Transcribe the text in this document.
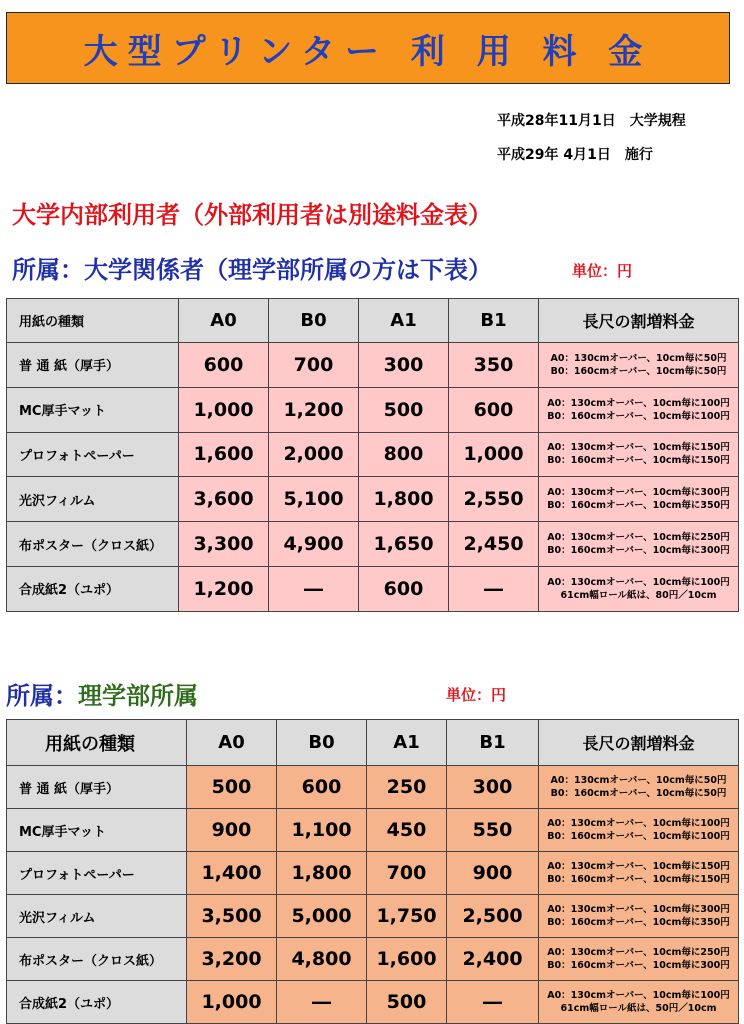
大型プリンター 利 用 料 金
平成28年11月1日　大学規程
平成29年 4月1日　施行
大学内部利用者（外部利用者は別途料金表）
所属：大学関係者（理学部所属の方は下表）	単位：円
用紙の種類	A0	B0	A1	B1	長尺の割増料金
普 通 紙（厚手）	600	700	300	350	A0：130cmオーバー、10cm毎に50円
B0：160cmオーバー、10cm毎に50円

MC厚手マット	1,000	1,200	500	600	A0：130cmオーバー、10cm毎に100円
B0：160cmオーバー、10cm毎に100円

プロフォトペーパー	1,600	2,000	800	1,000	A0：130cmオーバー、10cm毎に150円
B0：160cmオーバー、10cm毎に150円

光沢フィルム	3,600	5,100	1,800	2,550	A0：130cmオーバー、10cm毎に300円
B0：160cmオーバー、10cm毎に350円

布ポスター（クロス紙）	3,300	4,900	1,650	2,450	A0：130cmオーバー、10cm毎に250円
B0：160cmオーバー、10cm毎に300円

合成紙2（ユポ）	1,200	―	600	―	A0：130cmオーバー、10cm毎に100円
61cm幅ロール紙は、80円／10cm
所属：理学部所属	単位：円
用紙の種類	A0	B0	A1	B1	長尺の割増料金
普 通 紙（厚手）	500	600	250	300	A0：130cmオーバー、10cm毎に50円
B0：160cmオーバー、10cm毎に50円

MC厚手マット	900	1,100	450	550	A0：130cmオーバー、10cm毎に100円
B0：160cmオーバー、10cm毎に100円

プロフォトペーパー	1,400	1,800	700	900	A0：130cmオーバー、10cm毎に150円
B0：160cmオーバー、10cm毎に150円

光沢フィルム	3,500	5,000	1,750	2,500	A0：130cmオーバー、10cm毎に300円
B0：160cmオーバー、10cm毎に350円

布ポスター（クロス紙）	3,200	4,800	1,600	2,400	A0：130cmオーバー、10cm毎に250円
B0：160cmオーバー、10cm毎に300円

合成紙2（ユポ）	1,000	―	500	―	A0：130cmオーバー、10cm毎に100円
61cm幅ロール紙は、50円／10cm
